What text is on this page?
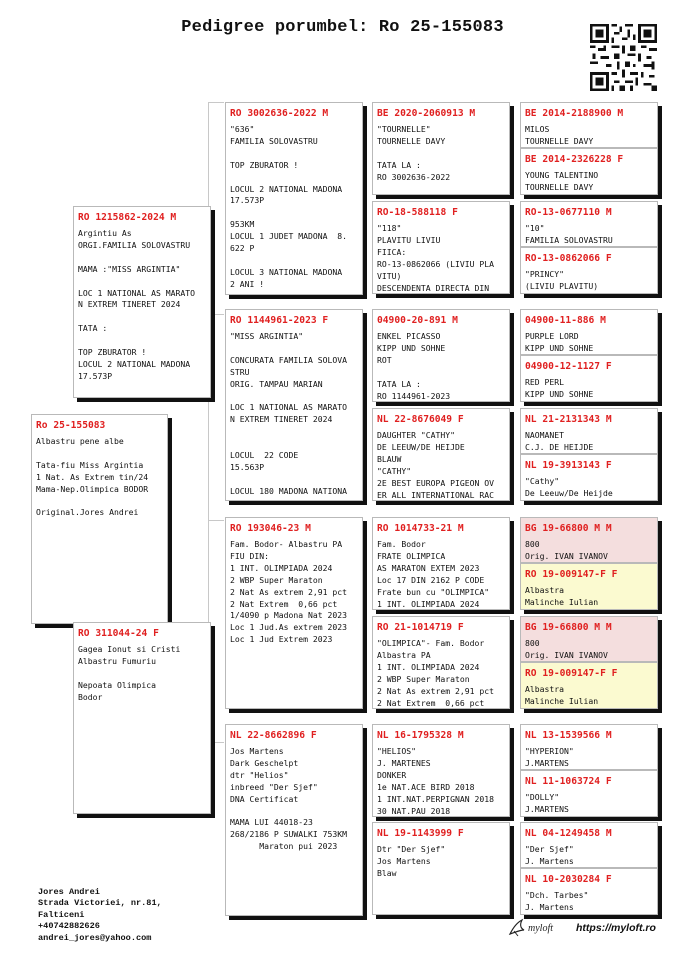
Pedigree porumbel: Ro 25-155083
RO 3002636-2022 M
"636"
FAMILIA SOLOVASTRU
TOP ZBURATOR !
LOCUL 2 NATIONAL MADONA
17.573P
953KM
LOCUL 1 JUDET MADONA  8.
622 P
LOCUL 3 NATIONAL MADONA
2 ANI !
RO 1144961-2023 F
"MISS ARGINTIA"
CONCURATA FAMILIA SOLOVA
STRU
ORIG. TAMPAU MARIAN
LOC 1 NATIONAL AS MARATO
N EXTREM TINERET 2024
LOCUL  22 CODE
15.563P
LOCUL 180 MADONA NATIONA
RO 1215862-2024 M
Argintiu As
ORGI.FAMILIA SOLOVASTRU
MAMA :"MISS ARGINTIA"
LOC 1 NATIONAL AS MARATO
N EXTREM TINERET 2024
TATA :
TOP ZBURATOR !
LOCUL 2 NATIONAL MADONA
17.573P
Ro 25-155083
Albastru pene albe
Tata-fiu Miss Argintia
1 Nat. As Extrem tin/24
Mama-Nep.Olimpica BODOR
Original.Jores Andrei
RO 311044-24 F
Gagea Ionut si Cristi
Albastru Fumuriu
Nepoata Olimpica
Bodor
RO 193046-23 M
Fam. Bodor- Albastru PA
FIU DIN:
1 INT. OLIMPIADA 2024
2 WBP Super Maraton
2 Nat As extrem 2,91 pct
2 Nat Extrem  0,66 pct
1/4090 p Madona Nat 2023
Loc 1 Jud.As extrem 2023
Loc 1 Jud Extrem 2023
NL 22-8662896 F
Jos Martens
Dark Geschelpt
dtr "Helios"
inbreed "Der Sjef"
DNA Certificat
MAMA LUI 44018-23
268/2186 P SUWALKI 753KM
Maraton pui 2023
BE 2020-2060913 M
"TOURNELLE"
TOURNELLE DAVY
TATA LA :
RO 3002636-2022
RO-18-588118 F
"118"
PLAVITU LIVIU
FIICA:
RO-13-0862066 (LIVIU PLA
VITU)
DESCENDENTA DIRECTA DIN
04900-20-891 M
ENKEL PICASSO
KIPP UND SOHNE
ROT
TATA LA :
RO 1144961-2023
NL 22-8676049 F
DAUGHTER "CATHY"
DE LEEUW/DE HEIJDE
BLAUW
"CATHY"
2E BEST EUROPA PIGEON OV
ER ALL INTERNATIONAL RAC
RO 1014733-21 M
Fam. Bodor
FRATE OLIMPICA
AS MARATON EXTEM 2023
Loc 17 DIN 2162 P CODE
Frate bun cu "OLIMPICA"
1 INT. OLIMPIADA 2024
RO 21-1014719 F
"OLIMPICA"- Fam. Bodor
Albastra PA
1 INT. OLIMPIADA 2024
2 WBP Super Maraton
2 Nat As extrem 2,91 pct
2 Nat Extrem  0,66 pct
NL 16-1795328 M
"HELIOS"
J. MARTENES
DONKER
1e NAT.ACE BIRD 2018
1 INT.NAT.PERPIGNAN 2018
30 NAT.PAU 2018
NL 19-1143999 F
Dtr "Der Sjef"
Jos Martens
Blaw
BE 2014-2188900 M
MILOS
TOURNELLE DAVY
BE 2014-2326228 F
YOUNG TALENTINO
TOURNELLE DAVY
RO-13-0677110 M
"10"
FAMILIA SOLOVASTRU
RO-13-0862066 F
"PRINCY"
(LIVIU PLAVITU)
04900-11-886 M
PURPLE LORD
KIPP UND SOHNE
04900-12-1127 F
RED PERL
KIPP UND SOHNE
NL 21-2131343 M
NAOMANET
C.J. DE HEIJDE
NL 19-3913143 F
"Cathy"
De Leeuw/De Heijde
BG 19-66800 M M
800
Orig. IVAN IVANOV
RO 19-009147-F F
Albastra
Malinche Iulian
BG 19-66800 M M
800
Orig. IVAN IVANOV
RO 19-009147-F F
Albastra
Malinche Iulian
NL 13-1539566 M
"HYPERION"
J.MARTENS
NL 11-1063724 F
"DOLLY"
J.MARTENS
NL 04-1249458 M
"Der Sjef"
J. Martens
NL 10-2030284 F
"Dch. Tarbes"
J. Martens
Jores Andrei
Strada Victoriei, nr.81,
Falticeni
+40742882626
andrei_jores@yahoo.com
myloft https://myloft.ro
